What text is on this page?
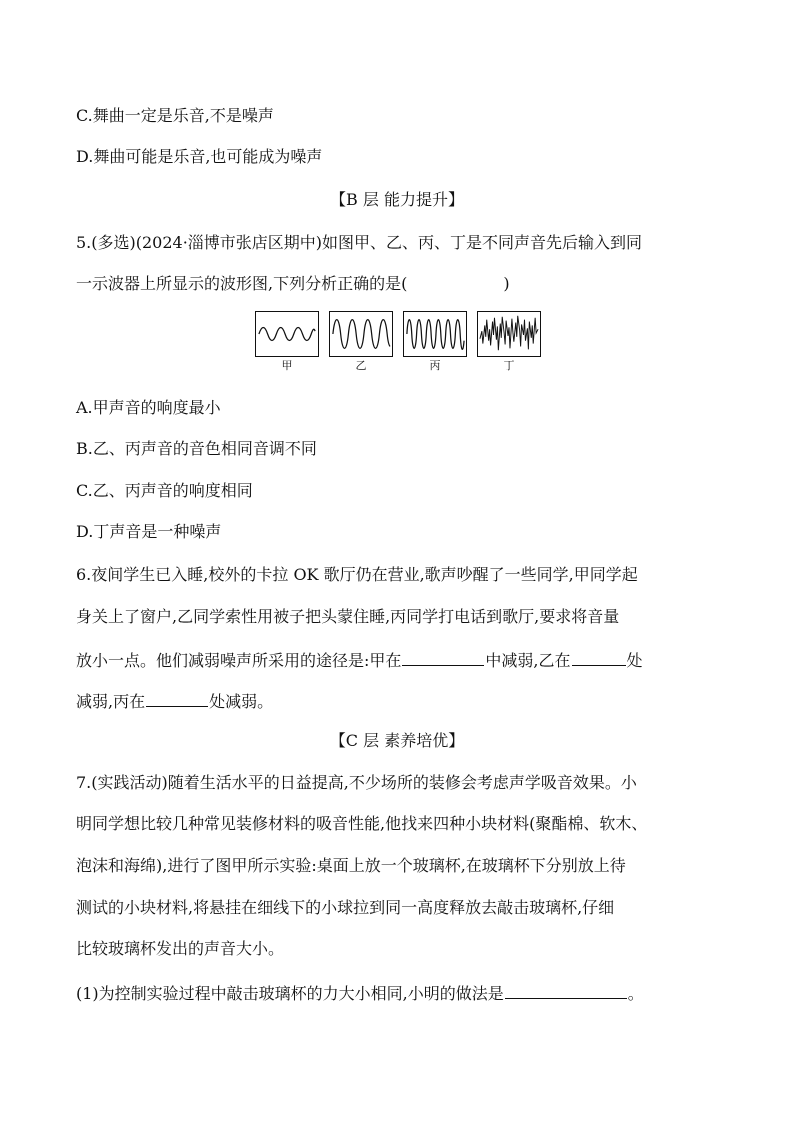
C.舞曲一定是乐音,不是噪声
D.舞曲可能是乐音,也可能成为噪声
【B 层 能力提升】
5.(多选)(2024·淄博市张店区期中)如图甲、乙、丙、丁是不同声音先后输入到同
一示波器上所显示的波形图,下列分析正确的是(	)
甲	乙	丙	丁
A.甲声音的响度最小
B.乙、丙声音的音色相同音调不同
C.乙、丙声音的响度相同
D.丁声音是一种噪声
6.夜间学生已入睡,校外的卡拉 OK 歌厅仍在营业,歌声吵醒了一些同学,甲同学起
身关上了窗户,乙同学索性用被子把头蒙住睡,丙同学打电话到歌厅,要求将音量
放小一点。他们减弱噪声所采用的途径是:甲在	中减弱,乙在	处
减弱,丙在	处减弱。
【C 层 素养培优】
7.(实践活动)随着生活水平的日益提高,不少场所的装修会考虑声学吸音效果。小
明同学想比较几种常见装修材料的吸音性能,他找来四种小块材料(聚酯棉、软木、
泡沫和海绵),进行了图甲所示实验:桌面上放一个玻璃杯,在玻璃杯下分别放上待
测试的小块材料,将悬挂在细线下的小球拉到同一高度释放去敲击玻璃杯,仔细
比较玻璃杯发出的声音大小。
(1)为控制实验过程中敲击玻璃杯的力大小相同,小明的做法是	。
